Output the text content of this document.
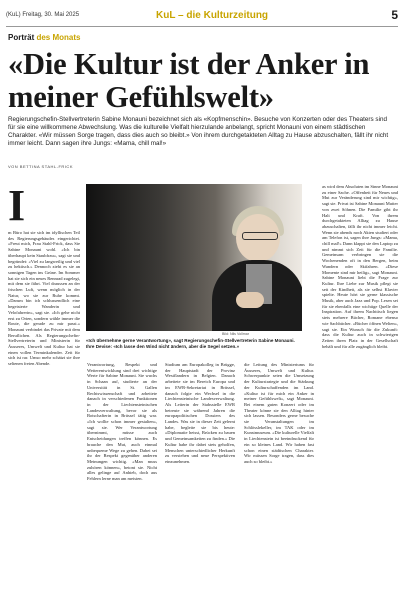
(KuL) Freitag, 30. Mai 2025	KuL – die Kulturzeitung	5
Porträt des Monats
«Die Kultur ist der Anker in meiner Gefühlswelt»
Regierungschefin-Stellvertreterin Sabine Monauni bezeichnet sich als «Kopfmenschin». Besuche von Konzerten oder des Theaters sind für sie eine willkommene Abwechslung. Was die kulturelle Vielfalt hierzulande anbelangt, spricht Monauni von einem städtischen Charakter. «Wir müssen Sorge tragen, dass dies auch so bleibt.» Von ihrem durchgetakteten Alltag zu Hause abzuschalten, fällt ihr nicht immer leicht. Dann sagen ihre Jungs: «Mama, chill mal!»
VON BETTINA STAHL-FRICK
I

m Büro hat sie sich im idyllischen Teil des Regierungsgebäudes eingerichtet. «Freut mich, Frau Stahl-Frick, dass Sie Sabine Monauni wohl. «Ich bin überhaupt kein Staubfrau», sagt sie und begründet: «Viel zu langweilig und viel zu hektisch.» Dennoch zieht es sie an sonnigen Tagen ins Grüne. Im Sommer hat sie sich ein neues Rennrad zugelegt, mit dem sie fährt. Viel draussen an der frischen Luft, wenn möglich in der Natur, wo sie zur Ruhe kommt. «Darum bin ich schlussendlich eine begeisterte Wanderin und Velofahrerin», sagt sie. «Ich gehe nicht erst zu Orten, sondern wähle immer die Route, die gerade zu mir passt.» Monauni verbindet das Private mit dem Beruflichen. Als Regierungschefin-Stellvertreterin und Ministerin für Äusseres, Umwelt und Kultur hat sie einen vollen Terminkalender. Zeit für sich ist rar. Umso mehr schätzt sie ihre seltenen freien Abende.

Bild: Nils Vollmar
«Ich übernehme gerne Verantwortung», sagt Regierungschefin-Stellvertreterin Sabine Monauni. Ihre Devise: «Ich lasse den Wind nicht ändern, aber die Segel setzen.»

Verantwortung, Respekt und Weiterentwicklung sind drei wichtige Werte für Sabine Monauni. Sie wuchs in Schaan auf, studierte an der Universität in St. Gallen Rechtswissenschaft und arbeitete danach in verschiedenen Funktionen in der Liechtensteinischen Landesverwaltung, bevor sie als Botschafterin in Brüssel tätig war. «Ich wollte schon immer gestalten», sagt sie. Wer Verantwortung übernimmt, müsse auch Entscheidungen treffen können. Es brauche den Mut, auch einmal unbequeme Wege zu gehen. Dabei sei ihr der Respekt gegenüber anderen Meinungen wichtig. «Man muss zuhören können», betont sie. Nicht alles gelinge auf Anhieb, doch aus Fehlern lerne man am meisten.

Studium am Europakolleg in Brügge, der Hauptstadt der Provinz Westflandern in Belgien. Danach arbeitete sie im Bereich Europa und im EWR-Sekretariat in Brüssel, danach folgte ein Wechsel in die Liechtensteinische Landesverwaltung. Als Leiterin der Stabsstelle EWR betreute sie während Jahren die europapolitischen Dossiers des Landes. Was sie in dieser Zeit gelernt habe, begleite sie bis heute: «Diplomatie heisst, Brücken zu bauen und Gemeinsamkeiten zu finden.» Die Kultur habe ihr dabei stets geholfen, Menschen unterschiedlicher Herkunft zu verstehen und neue Perspektiven einzunehmen.

die Leitung des Ministeriums für Äusseres, Umwelt und Kultur. Schwerpunkte seien die Umsetzung der Kulturstrategie und die Stärkung der Kulturschaffenden im Land. «Kultur ist für mich ein Anker in meiner Gefühlswelt», sagt Monauni. Bei einem guten Konzert oder im Theater könne sie den Alltag hinter sich lassen. Besonders gerne besuche sie Veranstaltungen im Schlösslekeller, im TAK oder im Kunstmuseum. «Die kulturelle Vielfalt in Liechtenstein ist beeindruckend für ein so kleines Land. Wir haben fast schon einen städtischen Charakter. Wir müssen Sorge tragen, dass dies auch so bleibt.»

as wird dem Absoluten im Sinne Monauni zu einer Sache. «Offenheit für Neues und Mut zur Veränderung sind mir wichtig», sagt sie. Privat ist Sabine Monauni Mutter von zwei Söhnen. Die Familie gibt ihr Halt und Kraft. Von ihrem durchgetakteten Alltag zu Hause abzuschalten, fällt ihr nicht immer leicht. Wenn sie abends noch Akten studiert oder am Telefon ist, sagen ihre Jungs: «Mama, chill mal!» Dann klappt sie den Laptop zu und nimmt sich Zeit für die Familie. Gemeinsam verbringen sie die Wochenenden oft in den Bergen, beim Wandern oder Skifahren. «Diese Momente sind mir heilig», sagt Monauni. Sabine Monauni liebt die Frage zur Kultur. Ihre Liebe zur Musik pflegt sie seit der Kindheit, als sie selbst Klavier spielte. Heute hört sie gerne klassische Musik, aber auch Jazz und Pop. Lesen sei für sie ebenfalls eine wichtige Quelle der Inspiration. Auf ihrem Nachttisch liegen stets mehrere Bücher, Romane ebenso wie Sachbücher. «Bücher öffnen Welten», sagt sie. Ein Wunsch für die Zukunft: dass die Kultur auch in schwierigen Zeiten ihren Platz in der Gesellschaft behält und für alle zugänglich bleibt.
